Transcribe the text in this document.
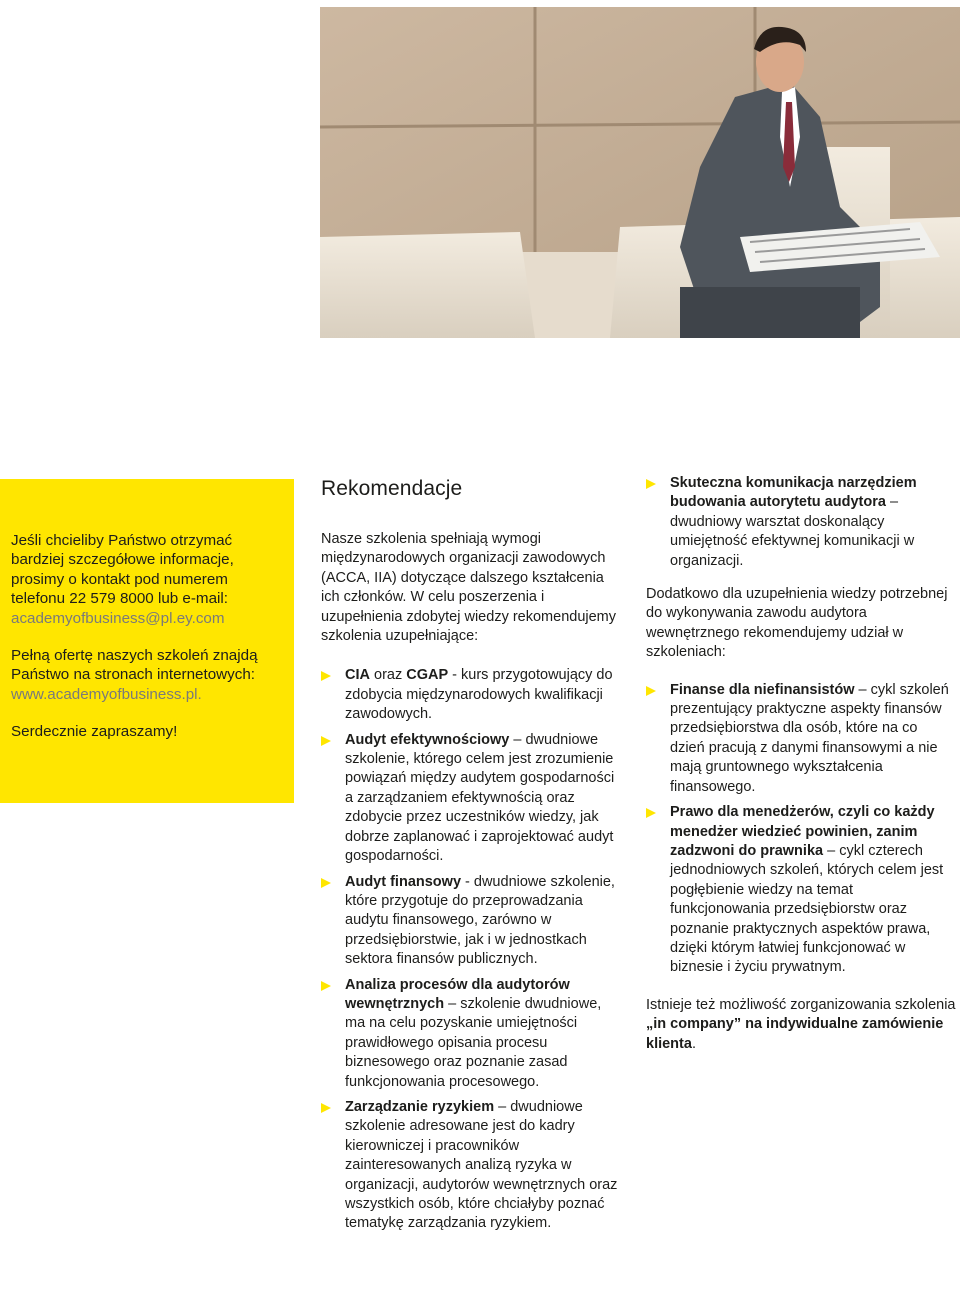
Jeśli chcieliby Państwo otrzymać
bardziej szczegółowe informacje,
prosimy o kontakt pod numerem
telefonu 22 579 8000 lub e-mail:
academyofbusiness@pl.ey.com

Pełną ofertę naszych szkoleń znajdą
Państwo na stronach internetowych:
www.academyofbusiness.pl.

Serdecznie zapraszamy!

Rekomendacje

Nasze szkolenia spełniają wymogi międzynarodowych organizacji zawodowych (ACCA, IIA) dotyczące dalszego kształcenia ich członków. W celu poszerzenia i uzupełnienia zdobytej wiedzy rekomendujemy szkolenia uzupełniające:

CIA oraz CGAP - kurs przygotowujący do zdobycia międzynarodowych kwalifikacji zawodowych.
Audyt efektywnościowy – dwudniowe szkolenie, którego celem jest zrozumienie powiązań między audytem gospodarności a zarządzaniem efektywnością oraz zdobycie przez uczestników wiedzy, jak dobrze zaplanować i zaprojektować audyt gospodarności.
Audyt finansowy - dwudniowe szkolenie, które przygotuje do przeprowadzania audytu finansowego, zarówno w przedsiębiorstwie, jak i w jednostkach sektora finansów publicznych.
Analiza procesów dla audytorów wewnętrznych – szkolenie dwudniowe, ma na celu pozyskanie umiejętności prawidłowego opisania procesu biznesowego oraz poznanie zasad funkcjonowania procesowego.
Zarządzanie ryzykiem – dwudniowe szkolenie adresowane jest do kadry kierowniczej i pracowników zainteresowanych analizą ryzyka w organizacji, audytorów wewnętrznych oraz wszystkich osób, które chciałyby poznać tematykę zarządzania ryzykiem.
Skuteczna komunikacja narzędziem budowania autorytetu audytora – dwudniowy warsztat doskonalący umiejętność efektywnej komunikacji w organizacji.

Dodatkowo dla uzupełnienia wiedzy potrzebnej do wykonywania zawodu audytora wewnętrznego rekomendujemy udział w szkoleniach:

Finanse dla niefinansistów – cykl szkoleń prezentujący praktyczne aspekty finansów przedsiębiorstwa dla osób, które na co dzień pracują z danymi finansowymi a nie mają gruntownego wykształcenia finansowego.
Prawo dla menedżerów, czyli co każdy menedżer wiedzieć powinien, zanim zadzwoni do prawnika – cykl czterech jednodniowych szkoleń, których celem jest pogłębienie wiedzy na temat funkcjonowania przedsiębiorstw oraz poznanie praktycznych aspektów prawa, dzięki którym łatwiej funkcjonować w biznesie i życiu prywatnym.

Istnieje też możliwość zorganizowania szkolenia „in company” na indywidualne zamówienie klienta.
